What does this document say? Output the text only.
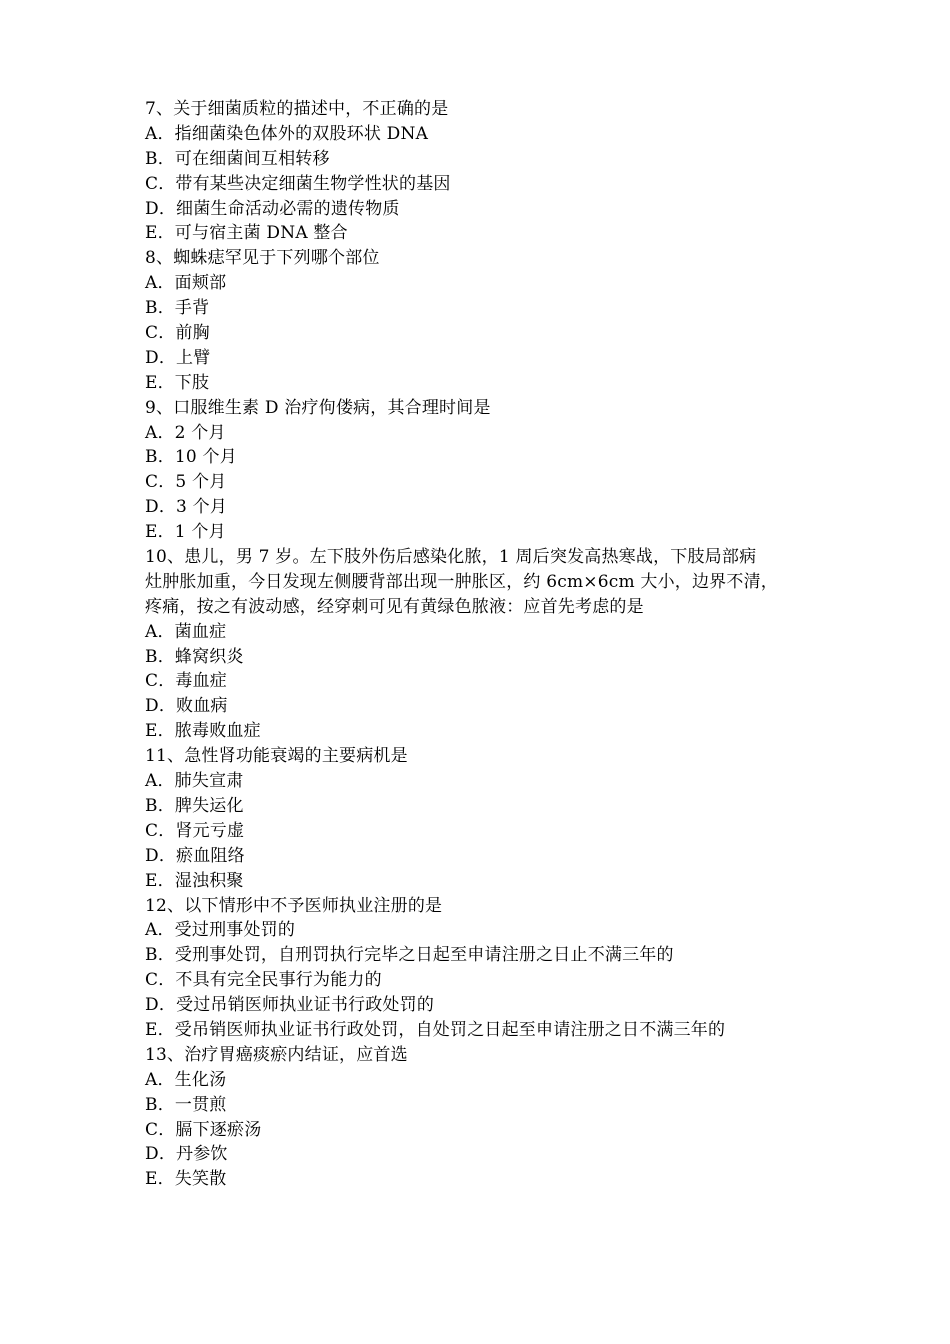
7、关于细菌质粒的描述中，不正确的是
A．指细菌染色体外的双股环状 DNA
B．可在细菌间互相转移
C．带有某些决定细菌生物学性状的基因
D．细菌生命活动必需的遗传物质
E．可与宿主菌 DNA 整合
8、蜘蛛痣罕见于下列哪个部位
A．面颊部
B．手背
C．前胸
D．上臂
E．下肢
9、口服维生素 D 治疗佝偻病，其合理时间是
A．2 个月
B．10 个月
C．5 个月
D．3 个月
E．1 个月
10、患儿，男 7 岁。左下肢外伤后感染化脓，1 周后突发高热寒战，下肢局部病
灶肿胀加重，今日发现左侧腰背部出现一肿胀区，约 6cm×6cm 大小，边界不清，
疼痛，按之有波动感，经穿刺可见有黄绿色脓液：应首先考虑的是
A．菌血症
B．蜂窝织炎
C．毒血症
D．败血病
E．脓毒败血症
11、急性肾功能衰竭的主要病机是
A．肺失宣肃
B．脾失运化
C．肾元亏虚
D．瘀血阻络
E．湿浊积聚
12、以下情形中不予医师执业注册的是
A．受过刑事处罚的
B．受刑事处罚，自刑罚执行完毕之日起至申请注册之日止不满三年的
C．不具有完全民事行为能力的
D．受过吊销医师执业证书行政处罚的
E．受吊销医师执业证书行政处罚，自处罚之日起至申请注册之日不满三年的
13、治疗胃癌痰瘀内结证，应首选
A．生化汤
B．一贯煎
C．膈下逐瘀汤
D．丹参饮
E．失笑散
